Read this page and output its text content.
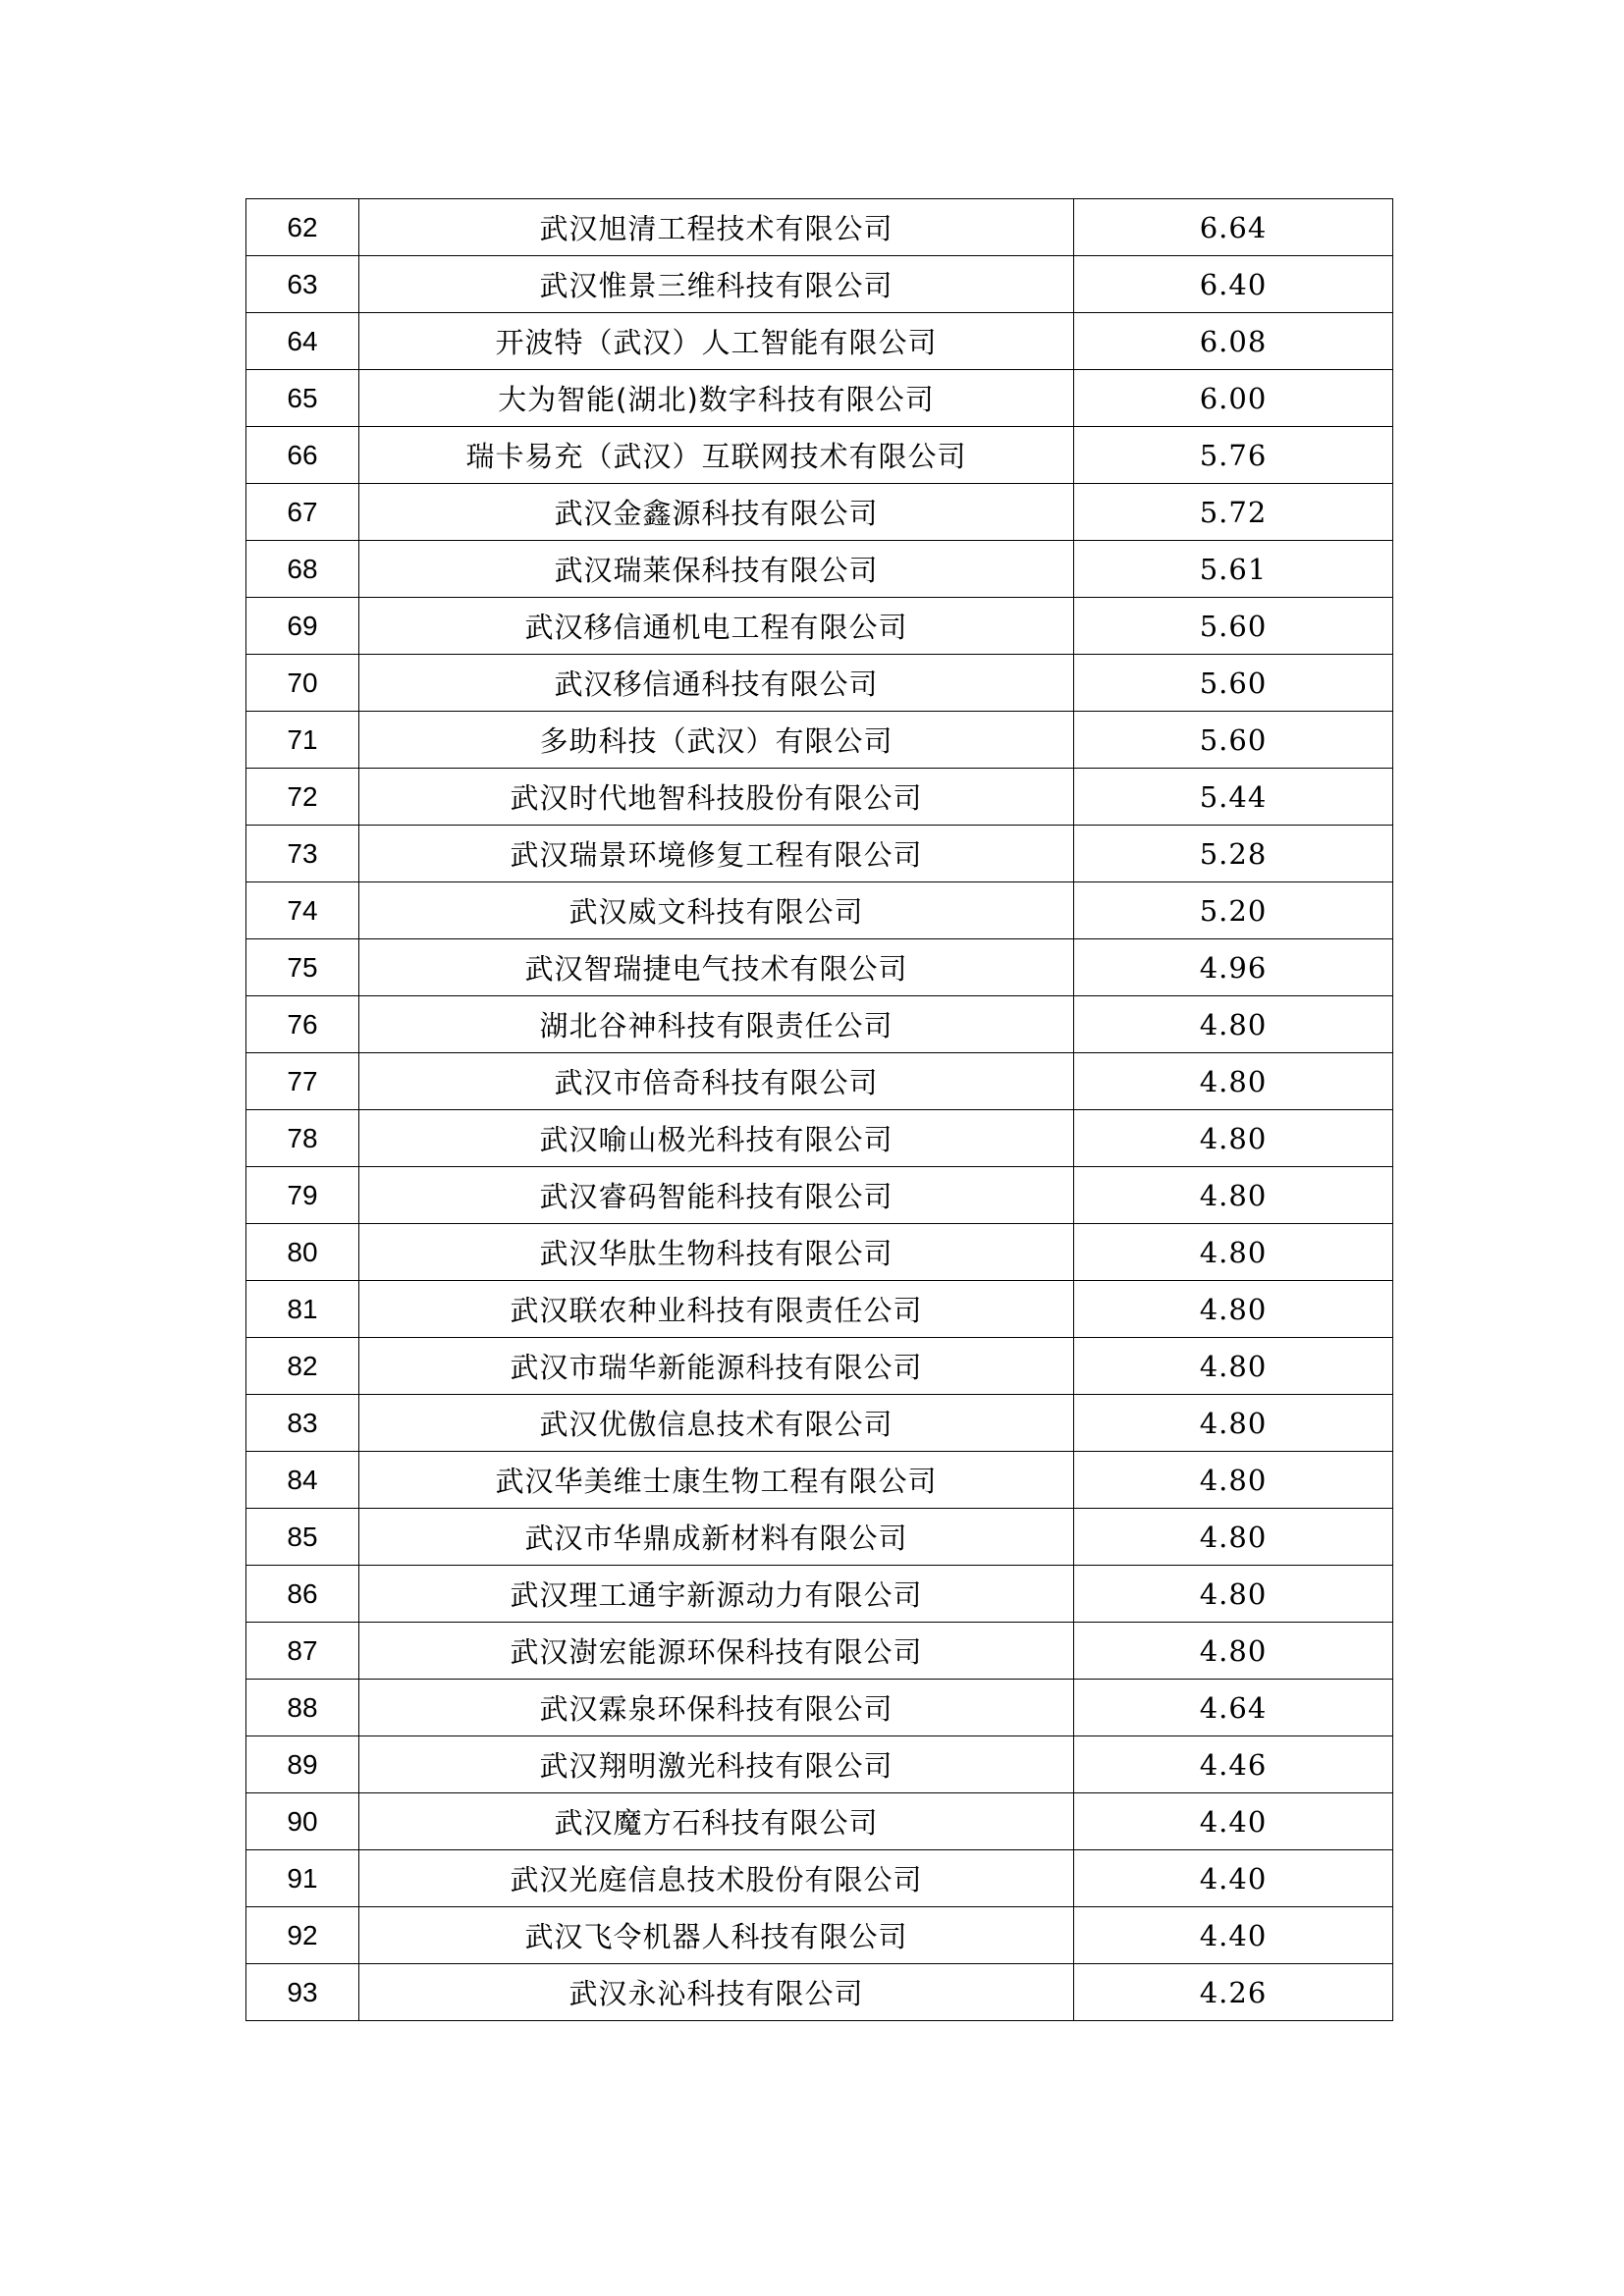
62	武汉旭清工程技术有限公司	6.64
63	武汉惟景三维科技有限公司	6.40
64	开波特（武汉）人工智能有限公司	6.08
65	大为智能(湖北)数字科技有限公司	6.00
66	瑞卡易充（武汉）互联网技术有限公司	5.76
67	武汉金鑫源科技有限公司	5.72
68	武汉瑞莱保科技有限公司	5.61
69	武汉移信通机电工程有限公司	5.60
70	武汉移信通科技有限公司	5.60
71	多助科技（武汉）有限公司	5.60
72	武汉时代地智科技股份有限公司	5.44
73	武汉瑞景环境修复工程有限公司	5.28
74	武汉威文科技有限公司	5.20
75	武汉智瑞捷电气技术有限公司	4.96
76	湖北谷神科技有限责任公司	4.80
77	武汉市倍奇科技有限公司	4.80
78	武汉喻山极光科技有限公司	4.80
79	武汉睿码智能科技有限公司	4.80
80	武汉华肽生物科技有限公司	4.80
81	武汉联农种业科技有限责任公司	4.80
82	武汉市瑞华新能源科技有限公司	4.80
83	武汉优傲信息技术有限公司	4.80
84	武汉华美维士康生物工程有限公司	4.80
85	武汉市华鼎成新材料有限公司	4.80
86	武汉理工通宇新源动力有限公司	4.80
87	武汉澍宏能源环保科技有限公司	4.80
88	武汉霖泉环保科技有限公司	4.64
89	武汉翔明激光科技有限公司	4.46
90	武汉魔方石科技有限公司	4.40
91	武汉光庭信息技术股份有限公司	4.40
92	武汉飞令机器人科技有限公司	4.40
93	武汉永沁科技有限公司	4.26
